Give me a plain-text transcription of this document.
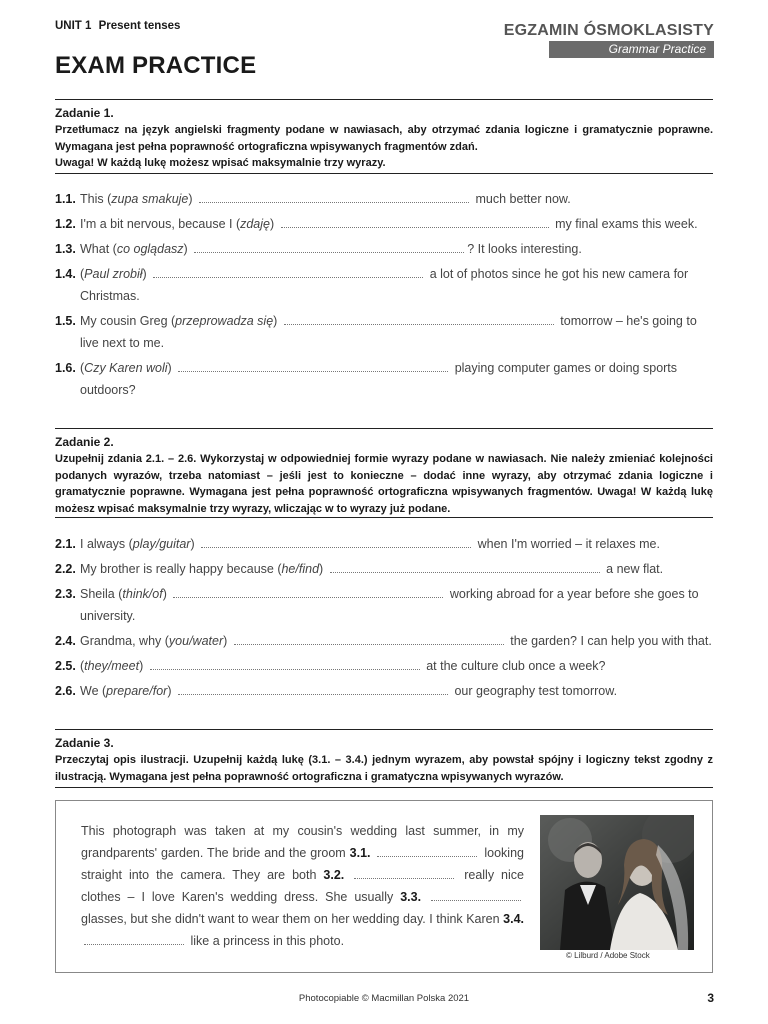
UNIT 1 Present tenses
EXAM PRACTICE
EGZAMIN ÓSMOKLASISTY
Grammar Practice
Zadanie 1.
Przetłumacz na język angielski fragmenty podane w nawiasach, aby otrzymać zdania logiczne i gramatycznie poprawne. Wymagana jest pełna poprawność ortograficzna wpisywanych fragmentów zdań.
Uwaga! W każdą lukę możesz wpisać maksymalnie trzy wyrazy.
1.1. This (zupa smakuje)	much better now.
1.2. I'm a bit nervous, because I (zdaję)	my final exams this week.
1.3. What (co oglądasz)	? It looks interesting.
1.4. (Paul zrobił)	a lot of photos since he got his new camera for Christmas.
1.5. My cousin Greg (przeprowadza się)	tomorrow – he's going to live next to me.
1.6. (Czy Karen woli)	playing computer games or doing sports outdoors?
Zadanie 2.
Uzupełnij zdania 2.1. – 2.6. Wykorzystaj w odpowiedniej formie wyrazy podane w nawiasach. Nie należy zmieniać kolejności podanych wyrazów, trzeba natomiast – jeśli jest to konieczne – dodać inne wyrazy, aby otrzymać zdania logiczne i gramatycznie poprawne. Wymagana jest pełna poprawność ortograficzna wpisywanych fragmentów. Uwaga! W każdą lukę możesz wpisać maksymalnie trzy wyrazy, wliczając w to wyrazy już podane.
2.1. I always (play/guitar)	when I'm worried – it relaxes me.
2.2. My brother is really happy because (he/find)	a new flat.
2.3. Sheila (think/of)	working abroad for a year before she goes to university.
2.4. Grandma, why (you/water)	the garden? I can help you with that.
2.5. (they/meet)	at the culture club once a week?
2.6. We (prepare/for)	our geography test tomorrow.
Zadanie 3.
Przeczytaj opis ilustracji. Uzupełnij każdą lukę (3.1. – 3.4.) jednym wyrazem, aby powstał spójny i logiczny tekst zgodny z ilustracją. Wymagana jest pełna poprawność ortograficzna i gramatyczna wpisywanych wyrazów.
This photograph was taken at my cousin's wedding last summer, in my grandparents' garden. The bride and the groom 3.1.	looking straight into the camera. They are both 3.2.	really nice clothes – I love Karen's wedding dress. She usually 3.3.  glasses, but she didn't want to wear them on her wedding day. I think Karen 3.4.  like a princess in this photo.
© Lilburd / Adobe Stock
Photocopiable © Macmillan Polska 2021	3
